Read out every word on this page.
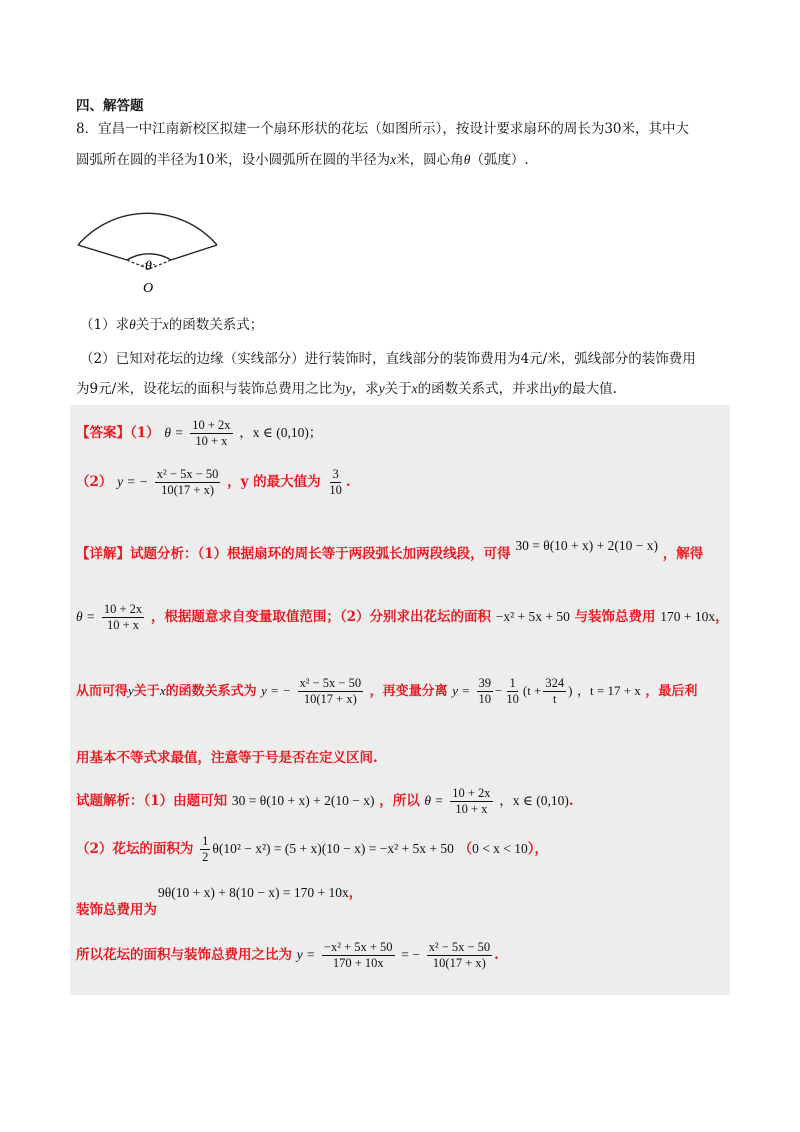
四、解答题
8．宜昌一中江南新校区拟建一个扇环形状的花坛（如图所示），按设计要求扇环的周长为30米，其中大
圆弧所在圆的半径为10米，设小圆弧所在圆的半径为x米，圆心角θ（弧度）.
θ
O
（1）求θ关于x的函数关系式；
（2）已知对花坛的边缘（实线部分）进行装饰时，直线部分的装饰费用为4元/米，弧线部分的装饰费用
为9元/米，设花坛的面积与装饰总费用之比为y，求y关于x的函数关系式，并求出y的最大值.
【答案】（1） $\theta = \frac{10 + 2x}{10 + x}$ ，x ∈ (0,10)；
（2） y = − $\frac{\text{x² − 5x − 50}}{10(17 + x)}$ ，y 的最大值为 $\frac{3}{10}$ .
【详解】试题分析：（1）根据扇环的周长等于两段弧长加两段线段，可得 30 = θ(10 + x) + 2(10 − x) ，解得
$\theta = \frac{10 + 2x}{10 + x}$ ，根据题意求自变量取值范围；（2）分别求出花坛的面积 −x² + 5x + 50 与装饰总费用 170 + 10x，
从而可得y关于x的函数关系式为 y = − $\frac{\text{x² − 5x − 50}}{10(17 + x)}$ ，再变量分离 $y = \frac{39}{10} - \frac{1}{10} (t + \frac{324}{t}$ ) ，t = 17 + x ，最后利
用基本不等式求最值，注意等于号是否在定义区间.
试题解析：（1）由题可知 30 = θ(10 + x) + 2(10 − x) ，所以 $\theta = \frac{10 + 2x}{10 + x}$ ，x ∈ (0,10).
（2）花坛的面积为 $\frac{1}{2} \theta(10^2 - x^2) = (5 + x)(10 - x) = -x^2 + 5x + 50$ （0 < x < 10），
9θ(10 + x) + 8(10 − x) = 170 + 10x，
装饰总费用为
所以花坛的面积与装饰总费用之比为 $y = \frac{\text{−x² + 5x + 50}}{170 + 10x}$ = − $\frac{\text{x² − 5x − 50}}{10(17 + x)}$ .
